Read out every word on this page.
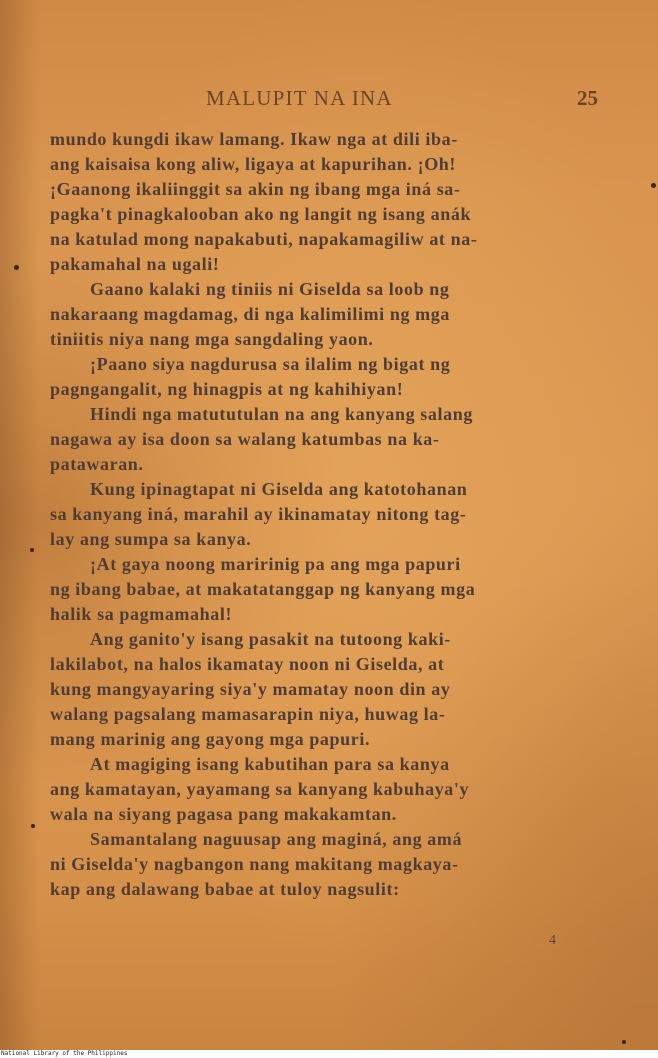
MALUPIT NA INA	25
mundo kungdi ikaw lamang. Ikaw nga at dili iba-
ang kaisaisa kong aliw, ligaya at kapurihan. ¡Oh!
¡Gaanong ikaliinggit sa akin ng ibang mga iná sa-
pagka't pinagkalooban ako ng langit ng isang anák
na katulad mong napakabuti, napakamagiliw at na-
pakamahal na ugali!
Gaano kalaki ng tiniis ni Giselda sa loob ng
nakaraang magdamag, di nga kalimilimi ng mga
tiniitis niya nang mga sangdaling yaon.
¡Paano siya nagdurusa sa ilalim ng bigat ng
pagngangalit, ng hinagpis at ng kahihiyan!
Hindi nga matututulan na ang kanyang salang
nagawa ay isa doon sa walang katumbas na ka-
patawaran.
Kung ipinagtapat ni Giselda ang katotohanan
sa kanyang iná, marahil ay ikinamatay nitong tag-
lay ang sumpa sa kanya.
¡At gaya noong maririnig pa ang mga papuri
ng ibang babae, at makatatanggap ng kanyang mga
halik sa pagmamahal!
Ang ganito'y isang pasakit na tutoong kaki-
lakilabot, na halos ikamatay noon ni Giselda, at
kung mangyayaring siya'y mamatay noon din ay
walang pagsalang mamasarapin niya, huwag la-
mang marinig ang gayong mga papuri.
At magiging isang kabutihan para sa kanya
ang kamatayan, yayamang sa kanyang kabuhaya'y
wala na siyang pagasa pang makakamtan.
Samantalang naguusap ang maginá, ang amá
ni Giselda'y nagbangon nang makitang magkaya-
kap ang dalawang babae at tuloy nagsulit:
4
National Library of the Philippines
